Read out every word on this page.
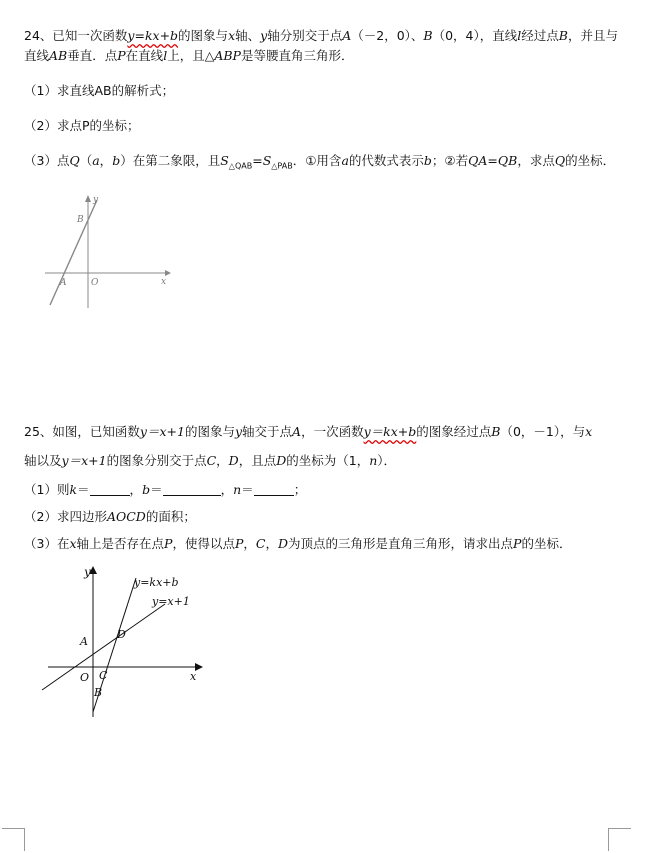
24、已知一次函数y=kx+b的图象与x轴、y轴分别交于点A（－2，0）、B（0，4），直线l经过点B，并且与
直线AB垂直．点P在直线l上，且△ABP是等腰直角三角形．
（1）求直线AB的解析式；
（2）求点P的坐标；
（3）点Q（a，b）在第二象限，且$S_{\triangle QAB}=S_{\triangle PAB}$．①用含a的代数式表示b；②若QA=QB，求点Q的坐标．
y
B
A	O	x
25、如图，已知函数y＝x+1的图象与y轴交于点A，一次函数y＝kx+b的图象经过点B（0，－1），与x
轴以及y＝x+1的图象分别交于点C，D，且点D的坐标为（1，n）．
（1）则k＝	，b＝	，n＝	；
（2）求四边形AOCD的面积；
（3）在x轴上是否存在点P，使得以点P，C，D为顶点的三角形是直角三角形，请求出点P的坐标．
y
y=kx+b
y=x+1
A
D
O C
B
x
